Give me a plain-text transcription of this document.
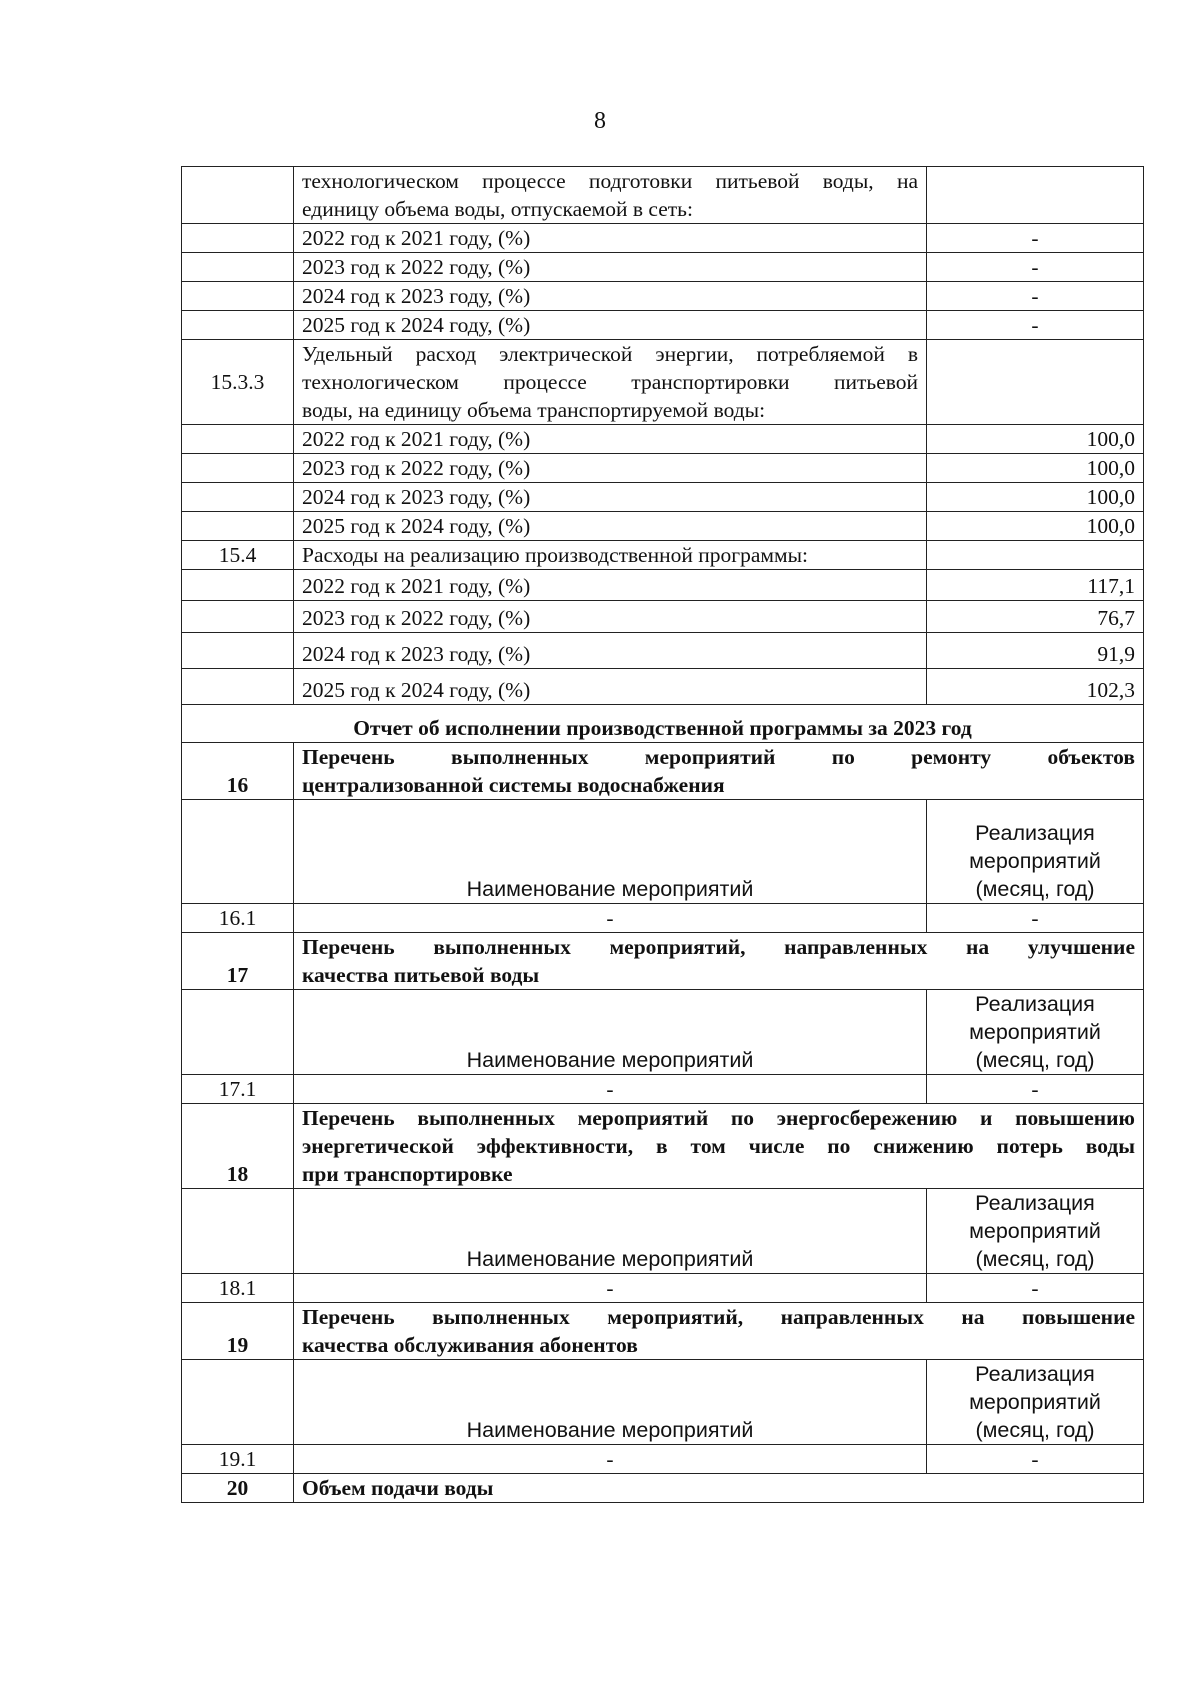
8

	технологическом процессе подготовки питьевой воды, на
единицу объема воды, отпускаемой в сеть:	

	2022 год к 2021 году, (%)	-
	2023 год к 2022 году, (%)	-
	2024 год к 2023 году, (%)	-
	2025 год к 2024 году, (%)	-
15.3.3	Удельный расход электрической энергии, потребляемой в
технологическом процессе транспортировки питьевой
воды, на единицу объема транспортируемой воды:	

	2022 год к 2021 году, (%)	100,0
	2023 год к 2022 году, (%)	100,0
	2024 год к 2023 году, (%)	100,0
	2025 год к 2024 году, (%)	100,0
15.4	Расходы на реализацию производственной программы:	
	2022 год к 2021 году, (%)	117,1
	2023 год к 2022 году, (%)	76,7
	2024 год к 2023 году, (%)	91,9
	2025 год к 2024 году, (%)	102,3
Отчет об исполнении производственной программы за 2023 год		
16	Перечень выполненных мероприятий по ремонту объектов
централизованной системы водоснабжения	

	Наименование мероприятий	Реализация
мероприятий
(месяц, год)

16.1	-	-
17	Перечень выполненных мероприятий, направленных на улучшение
качества питьевой воды	

	Наименование мероприятий	Реализация
мероприятий
(месяц, год)

17.1	-	-
18	Перечень выполненных мероприятий по энергосбережению и повышению
энергетической эффективности, в том числе по снижению потерь воды
при транспортировке	

	Наименование мероприятий	Реализация
мероприятий
(месяц, год)

18.1	-	-
19	Перечень выполненных мероприятий, направленных на повышение
качества обслуживания абонентов	

	Наименование мероприятий	Реализация
мероприятий
(месяц, год)

19.1	-	-
20	Объем подачи воды	
